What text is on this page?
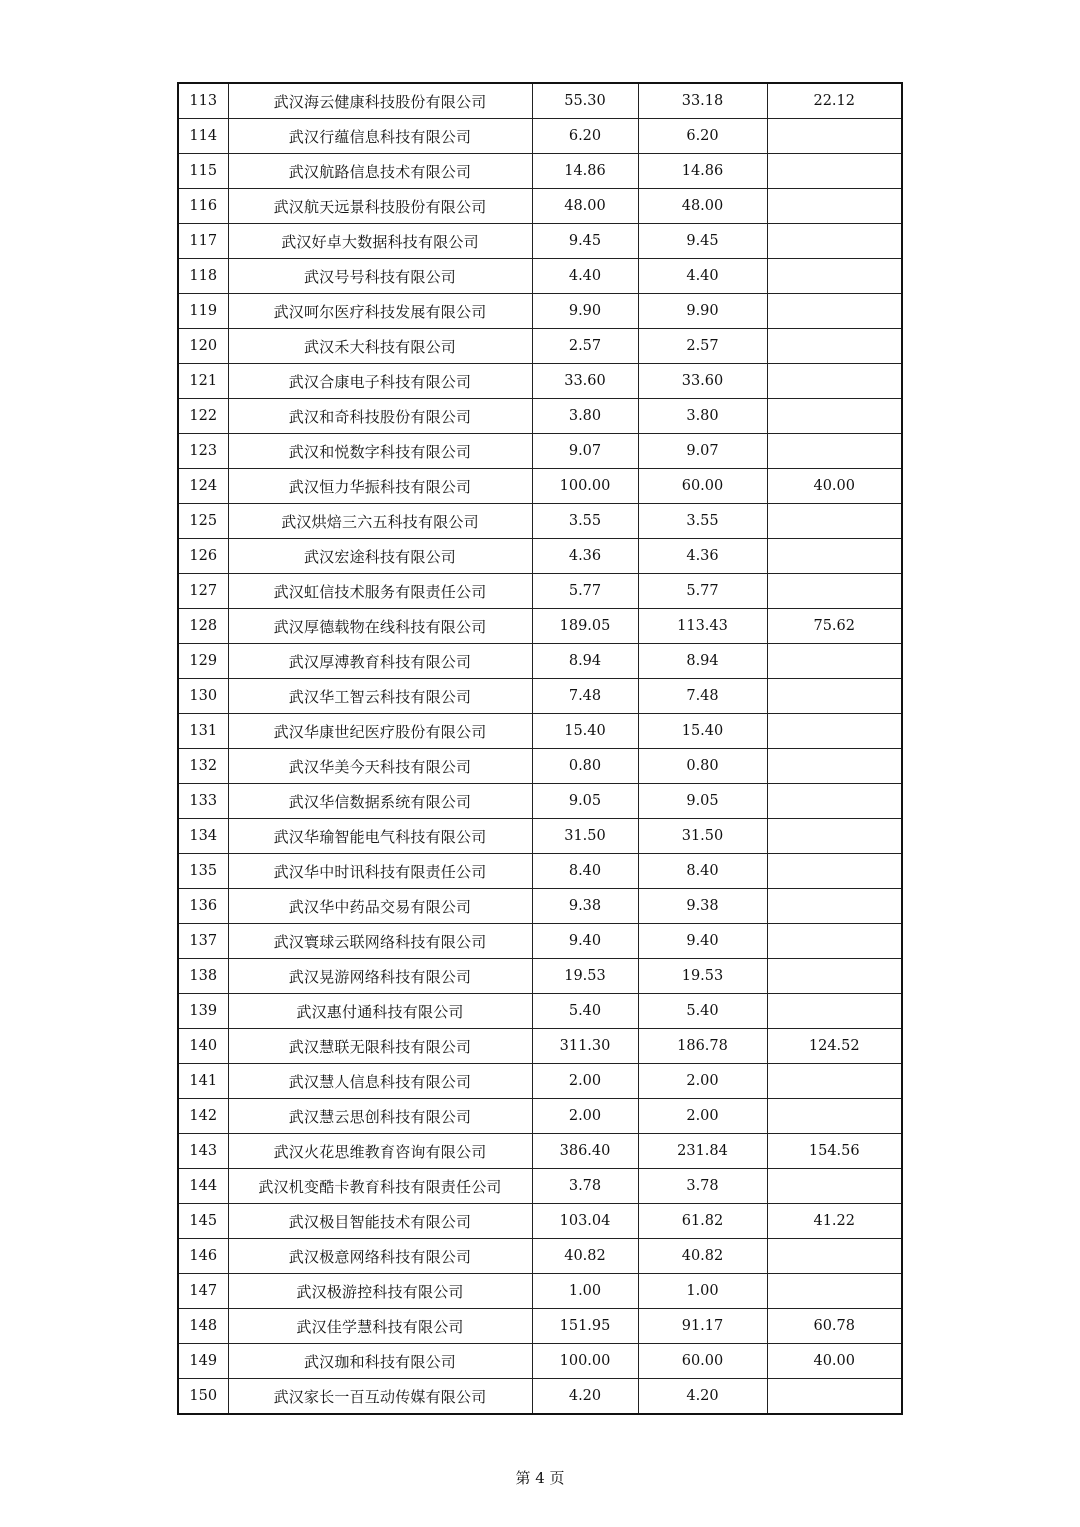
113	武汉海云健康科技股份有限公司	55.30	33.18	22.12
114	武汉行蕴信息科技有限公司	6.20	6.20	
115	武汉航路信息技术有限公司	14.86	14.86	
116	武汉航天远景科技股份有限公司	48.00	48.00	
117	武汉好卓大数据科技有限公司	9.45	9.45	
118	武汉号号科技有限公司	4.40	4.40	
119	武汉呵尔医疗科技发展有限公司	9.90	9.90	
120	武汉禾大科技有限公司	2.57	2.57	
121	武汉合康电子科技有限公司	33.60	33.60	
122	武汉和奇科技股份有限公司	3.80	3.80	
123	武汉和悦数字科技有限公司	9.07	9.07	
124	武汉恒力华振科技有限公司	100.00	60.00	40.00
125	武汉烘焙三六五科技有限公司	3.55	3.55	
126	武汉宏途科技有限公司	4.36	4.36	
127	武汉虹信技术服务有限责任公司	5.77	5.77	
128	武汉厚德载物在线科技有限公司	189.05	113.43	75.62
129	武汉厚溥教育科技有限公司	8.94	8.94	
130	武汉华工智云科技有限公司	7.48	7.48	
131	武汉华康世纪医疗股份有限公司	15.40	15.40	
132	武汉华美今天科技有限公司	0.80	0.80	
133	武汉华信数据系统有限公司	9.05	9.05	
134	武汉华瑜智能电气科技有限公司	31.50	31.50	
135	武汉华中时讯科技有限责任公司	8.40	8.40	
136	武汉华中药品交易有限公司	9.38	9.38	
137	武汉寰球云联网络科技有限公司	9.40	9.40	
138	武汉晃游网络科技有限公司	19.53	19.53	
139	武汉惠付通科技有限公司	5.40	5.40	
140	武汉慧联无限科技有限公司	311.30	186.78	124.52
141	武汉慧人信息科技有限公司	2.00	2.00	
142	武汉慧云思创科技有限公司	2.00	2.00	
143	武汉火花思维教育咨询有限公司	386.40	231.84	154.56
144	武汉机变酷卡教育科技有限责任公司	3.78	3.78	
145	武汉极目智能技术有限公司	103.04	61.82	41.22
146	武汉极意网络科技有限公司	40.82	40.82	
147	武汉极游控科技有限公司	1.00	1.00	
148	武汉佳学慧科技有限公司	151.95	91.17	60.78
149	武汉珈和科技有限公司	100.00	60.00	40.00
150	武汉家长一百互动传媒有限公司	4.20	4.20	
第 4 页
